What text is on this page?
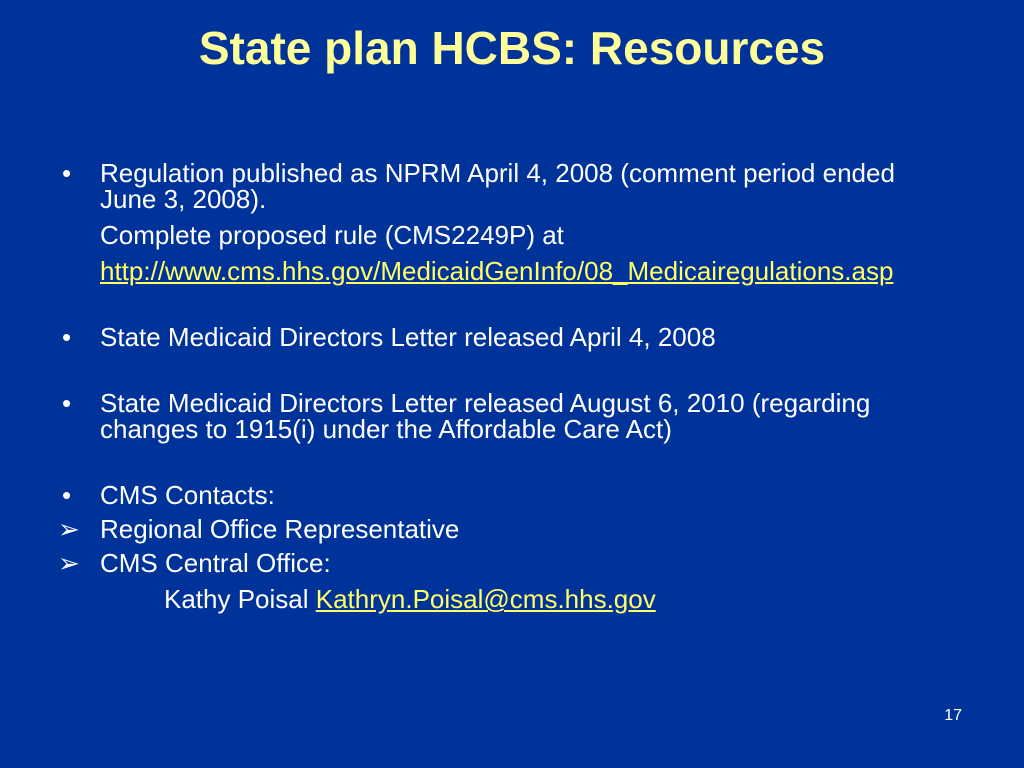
State plan HCBS: Resources
•	Regulation published as NPRM April 4, 2008 (comment period ended June 3, 2008).
Complete proposed rule (CMS2249P) at
http://www.cms.hhs.gov/MedicaidGenInfo/08_Medicairegulations.asp
•	State Medicaid Directors Letter released April 4, 2008
•	State Medicaid Directors Letter released August 6, 2010 (regarding changes to 1915(i) under the Affordable Care Act)
•	CMS Contacts:
➢ Regional Office Representative
➢ CMS Central Office:
Kathy Poisal Kathryn.Poisal@cms.hhs.gov
17
